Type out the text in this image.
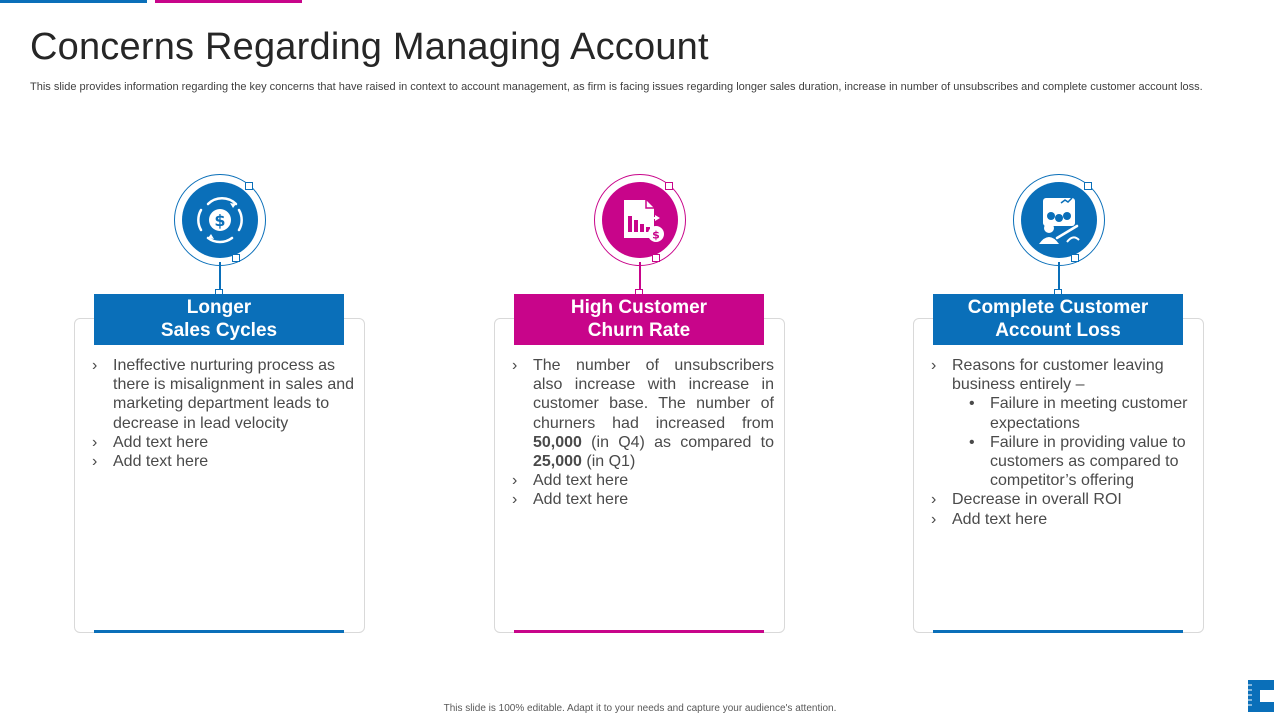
Concerns Regarding Managing Account
This slide provides information regarding the key concerns that have raised in context to account management, as firm is facing issues regarding longer sales duration, increase in number of unsubscribes and complete customer account loss.
$
Longer
Sales Cycles
› Ineffective nurturing process as there is misalignment in sales and marketing department leads to decrease in lead velocity
› Add text here
› Add text here
$
High Customer
Churn Rate
› The number of unsubscribers also increase with increase in customer base. The number of churners had increased from 50,000 (in Q4) as compared to 25,000 (in Q1)
› Add text here
› Add text here
Complete Customer
Account Loss
› Reasons for customer leaving business entirely –
• Failure in meeting customer expectations
• Failure in providing value to customers as compared to competitor’s offering
› Decrease in overall ROI
› Add text here
This slide is 100% editable. Adapt it to your needs and capture your audience's attention.
